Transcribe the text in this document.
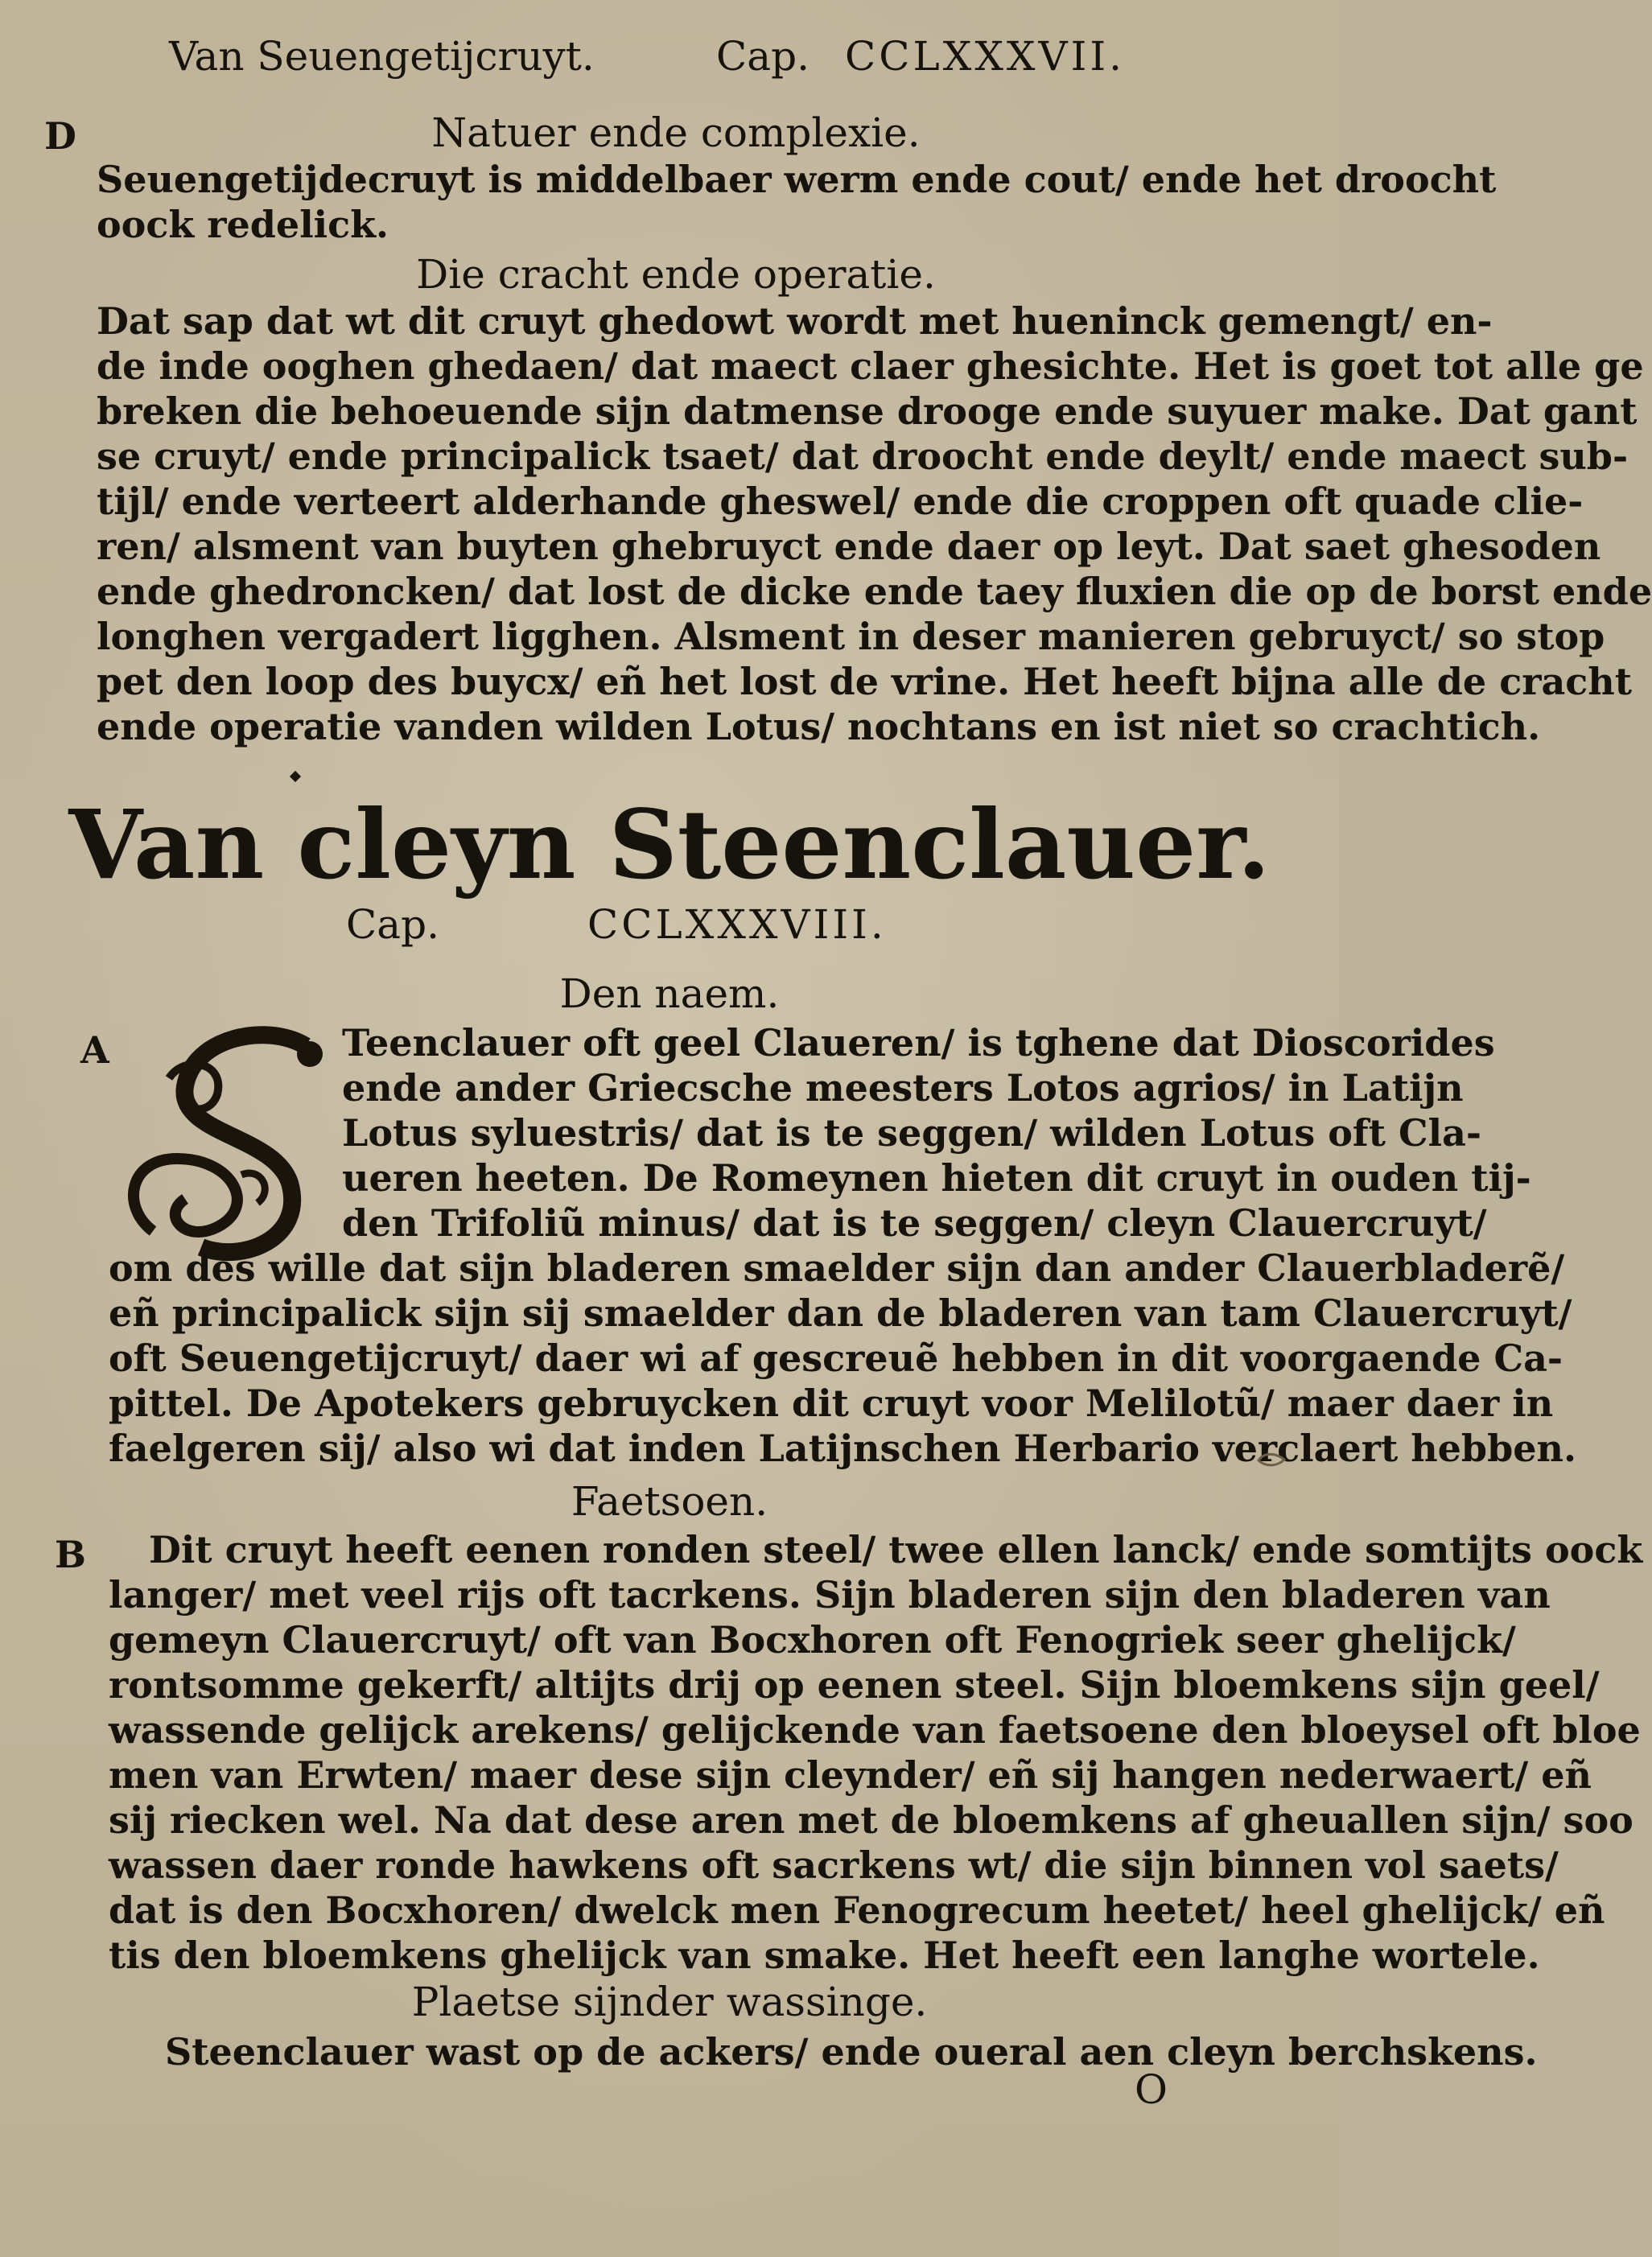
Van Seuengetijcruyt.	Cap. CCLXXXVII.
D	Natuer ende complexie.
Seuengetijdecruyt is middelbaer werm ende cout/ ende het droocht
oock redelick.
Die cracht ende operatie.
Dat sap dat wt dit cruyt ghedowt wordt met hueninck gemengt/ en-
de inde ooghen ghedaen/ dat maect claer ghesichte. Het is goet tot alle ge
breken die behoeuende sijn datmense drooge ende suyuer make. Dat gant
se cruyt/ ende principalick tsaet/ dat droocht ende deylt/ ende maect sub-
tijl/ ende verteert alderhande gheswel/ ende die croppen oft quade clie-
ren/ alsment van buyten ghebruyct ende daer op leyt. Dat saet ghesoden
ende ghedroncken/ dat lost de dicke ende taey fluxien die op de borst ende
longhen vergadert ligghen. Alsment in deser manieren gebruyct/ so stop
pet den loop des buycx/ eñ het lost de vrine. Het heeft bijna alle de cracht
ende operatie vanden wilden Lotus/ nochtans en ist niet so crachtich.
Van cleyn Steenclauer.
Cap.	CCLXXXVIII.
Den naem.
A	Teenclauer oft geel Claueren/ is tghene dat Dioscorides
ende ander Griecsche meesters Lotos agrios/ in Latijn
Lotus syluestris/ dat is te seggen/ wilden Lotus oft Cla-
ueren heeten. De Romeynen hieten dit cruyt in ouden tij-
den Trifoliũ minus/ dat is te seggen/ cleyn Clauercruyt/
om des wille dat sijn bladeren smaelder sijn dan ander Clauerbladerẽ/
eñ principalick sijn sij smaelder dan de bladeren van tam Clauercruyt/
oft Seuengetijcruyt/ daer wi af gescreuẽ hebben in dit voorgaende Ca-
pittel. De Apotekers gebruycken dit cruyt voor Melilotũ/ maer daer in
faelgeren sij/ also wi dat inden Latijnschen Herbario verclaert hebben.
Faetsoen.
B	Dit cruyt heeft eenen ronden steel/ twee ellen lanck/ ende somtijts oock
langer/ met veel rijs oft tacrkens. Sijn bladeren sijn den bladeren van
gemeyn Clauercruyt/ oft van Bocxhoren oft Fenogriek seer ghelijck/
rontsomme gekerft/ altijts drij op eenen steel. Sijn bloemkens sijn geel/
wassende gelijck arekens/ gelijckende van faetsoene den bloeysel oft bloe
men van Erwten/ maer dese sijn cleynder/ eñ sij hangen nederwaert/ eñ
sij riecken wel. Na dat dese aren met de bloemkens af gheuallen sijn/ soo
wassen daer ronde hawkens oft sacrkens wt/ die sijn binnen vol saets/
dat is den Bocxhoren/ dwelck men Fenogrecum heetet/ heel ghelijck/ eñ
tis den bloemkens ghelijck van smake. Het heeft een langhe wortele.
Plaetse sijnder wassinge.
Steenclauer wast op de ackers/ ende oueral aen cleyn berchskens.
O
